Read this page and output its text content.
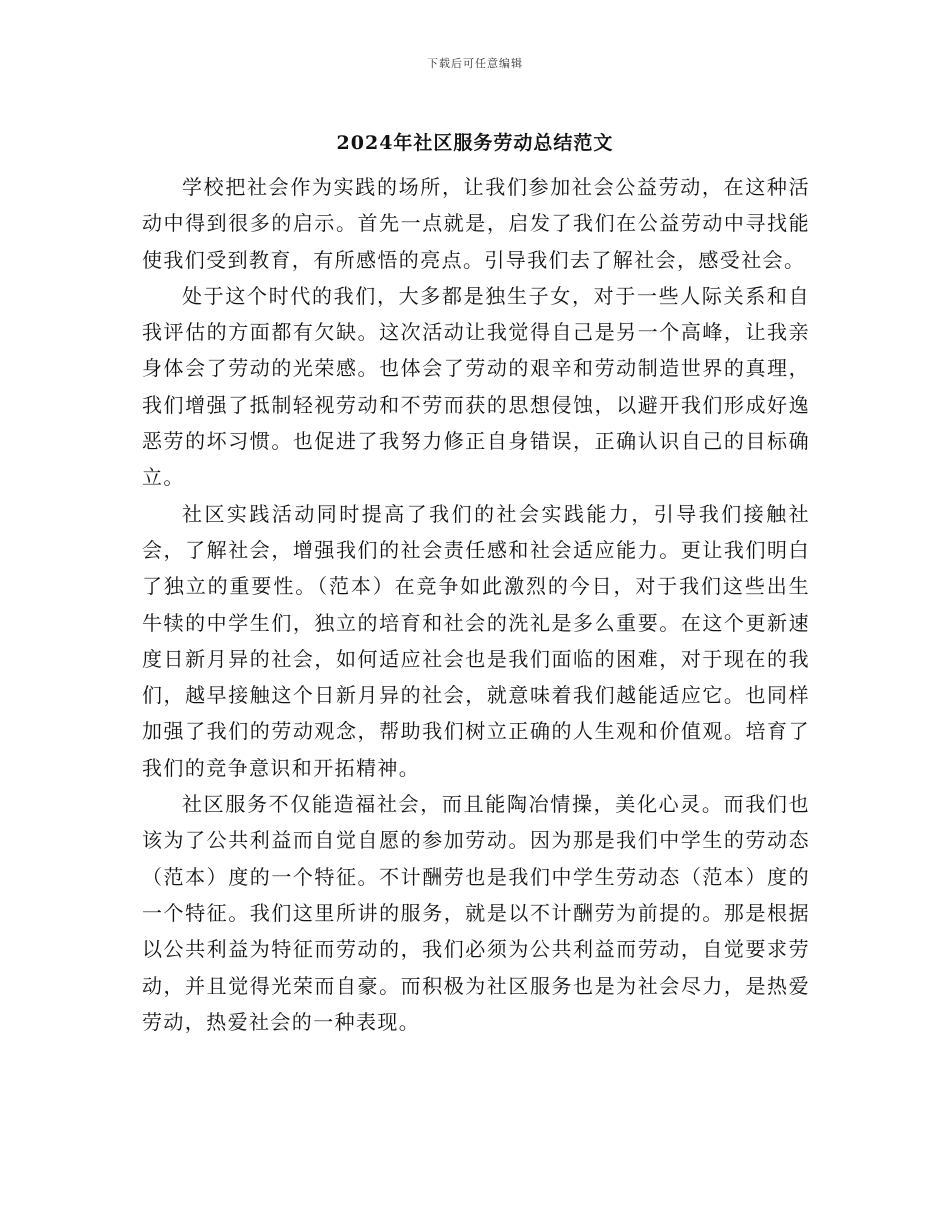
下载后可任意编辑
2024年社区服务劳动总结范文

学校把社会作为实践的场所，让我们参加社会公益劳动，在这种活动中得到很多的启示。首先一点就是，启发了我们在公益劳动中寻找能使我们受到教育，有所感悟的亮点。引导我们去了解社会，感受社会。

处于这个时代的我们，大多都是独生子女，对于一些人际关系和自我评估的方面都有欠缺。这次活动让我觉得自己是另一个高峰，让我亲身体会了劳动的光荣感。也体会了劳动的艰辛和劳动制造世界的真理，我们增强了抵制轻视劳动和不劳而获的思想侵蚀，以避开我们形成好逸恶劳的坏习惯。也促进了我努力修正自身错误，正确认识自己的目标确立。

社区实践活动同时提高了我们的社会实践能力，引导我们接触社会，了解社会，增强我们的社会责任感和社会适应能力。更让我们明白了独立的重要性。（范本）在竞争如此激烈的今日，对于我们这些出生牛犊的中学生们，独立的培育和社会的洗礼是多么重要。在这个更新速度日新月异的社会，如何适应社会也是我们面临的困难，对于现在的我们，越早接触这个日新月异的社会，就意味着我们越能适应它。也同样加强了我们的劳动观念，帮助我们树立正确的人生观和价值观。培育了我们的竞争意识和开拓精神。

社区服务不仅能造福社会，而且能陶冶情操，美化心灵。而我们也该为了公共利益而自觉自愿的参加劳动。因为那是我们中学生的劳动态（范本）度的一个特征。不计酬劳也是我们中学生劳动态（范本）度的一个特征。我们这里所讲的服务，就是以不计酬劳为前提的。那是根据以公共利益为特征而劳动的，我们必须为公共利益而劳动，自觉要求劳动，并且觉得光荣而自豪。而积极为社区服务也是为社会尽力，是热爱劳动，热爱社会的一种表现。
